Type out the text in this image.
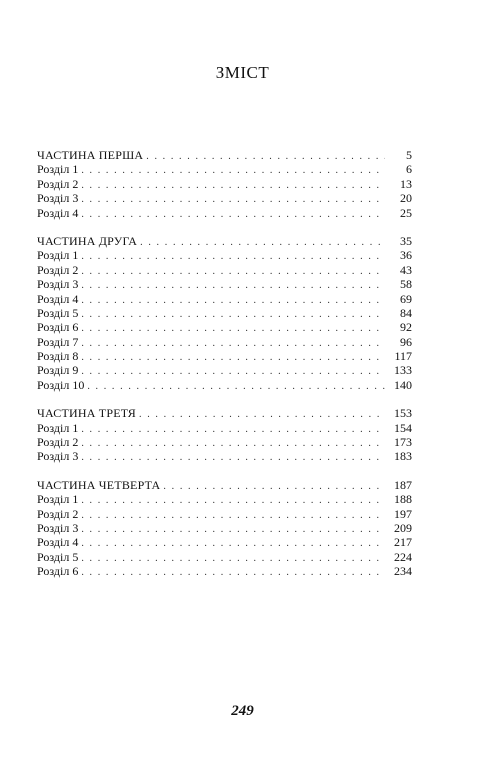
ЗМІСТ
ЧАСТИНА ПЕРША . . .	5
Розділ 1 . . .	6
Розділ 2 . . .	13
Розділ 3 . . .	20
Розділ 4 . . .	25
ЧАСТИНА ДРУГА . . .	35
Розділ 1 . . .	36
Розділ 2 . . .	43
Розділ 3 . . .	58
Розділ 4 . . .	69
Розділ 5 . . .	84
Розділ 6 . . .	92
Розділ 7 . . .	96
Розділ 8 . . .	117
Розділ 9 . . .	133
Розділ 10 . . .	140
ЧАСТИНА ТРЕТЯ . . .	153
Розділ 1 . . .	154
Розділ 2 . . .	173
Розділ 3 . . .	183
ЧАСТИНА ЧЕТВЕРТА . . .	187
Розділ 1 . . .	188
Розділ 2 . . .	197
Розділ 3 . . .	209
Розділ 4 . . .	217
Розділ 5 . . .	224
Розділ 6 . . .	234
249
